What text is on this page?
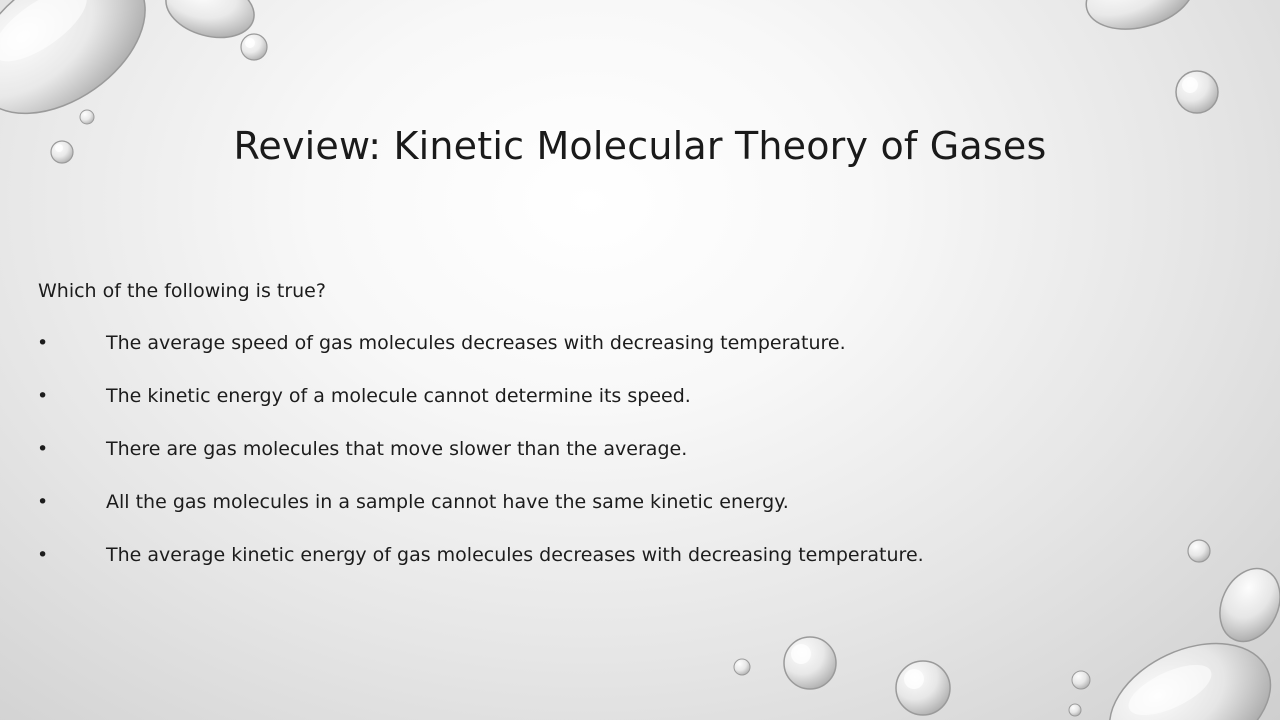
Review: Kinetic Molecular Theory of Gases

Which of the following is true?

•	The average speed of gas molecules decreases with decreasing temperature.
•	The kinetic energy of a molecule cannot determine its speed.
•	There are gas molecules that move slower than the average.
•	All the gas molecules in a sample cannot have the same kinetic energy.
•	The average kinetic energy of gas molecules decreases with decreasing temperature.
